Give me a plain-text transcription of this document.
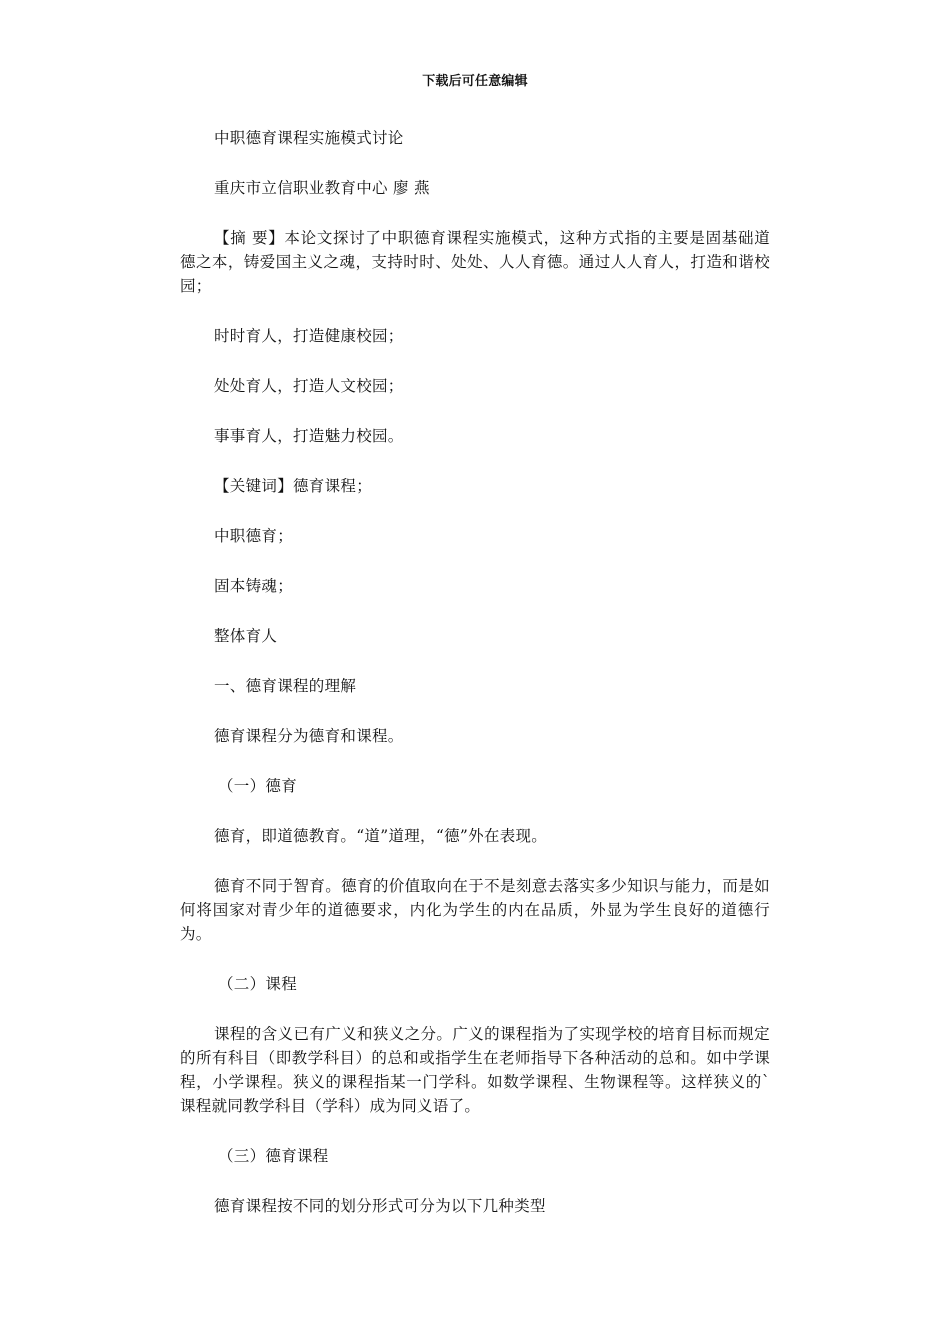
下载后可任意编辑

中职德育课程实施模式讨论

重庆市立信职业教育中心 廖 燕

【摘 要】本论文探讨了中职德育课程实施模式，这种方式指的主要是固基础道德之本，铸爱国主义之魂，支持时时、处处、人人育德。通过人人育人，打造和谐校园；

时时育人，打造健康校园；

处处育人，打造人文校园；

事事育人，打造魅力校园。

【关键词】德育课程；

中职德育；

固本铸魂；

整体育人

一、德育课程的理解

德育课程分为德育和课程。

（一）德育

德育，即道德教育。“道”道理，“德”外在表现。

德育不同于智育。德育的价值取向在于不是刻意去落实多少知识与能力，而是如何将国家对青少年的道德要求，内化为学生的内在品质，外显为学生良好的道德行为。

（二）课程

课程的含义已有广义和狭义之分。广义的课程指为了实现学校的培育目标而规定的所有科目（即教学科目）的总和或指学生在老师指导下各种活动的总和。如中学课程，小学课程。狭义的课程指某一门学科。如数学课程、生物课程等。这样狭义的`课程就同教学科目（学科）成为同义语了。

（三）德育课程

德育课程按不同的划分形式可分为以下几种类型
